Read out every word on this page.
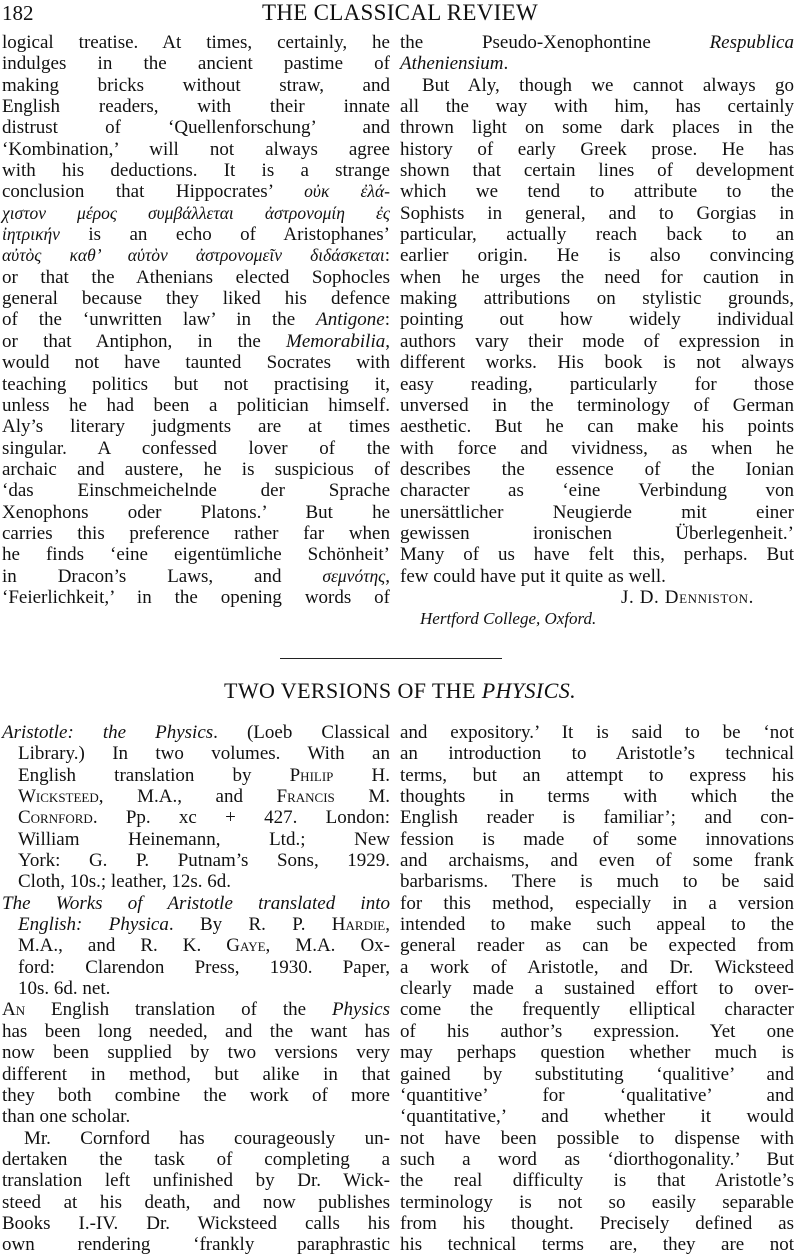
182	THE CLASSICAL REVIEW
logical treatise. At times, certainly, he
indulges in the ancient pastime of
making bricks without straw, and
English readers, with their innate
distrust of ‘Quellenforschung’ and
‘Kombination,’ will not always agree
with his deductions. It is a strange
conclusion that Hippocrates’ οὐκ ἐλά-
χιστον μέρος συμβάλλεται ἀστρονομίη ἐς
ἰητρικήν is an echo of Aristophanes’
αὐτὸς καθ’ αὑτὸν ἀστρονομεῖν διδάσκεται:
or that the Athenians elected Sophocles
general because they liked his defence
of the ‘unwritten law’ in the Antigone:
or that Antiphon, in the Memorabilia,
would not have taunted Socrates with
teaching politics but not practising it,
unless he had been a politician himself.
Aly’s literary judgments are at times
singular. A confessed lover of the
archaic and austere, he is suspicious of
‘das Einschmeichelnde der Sprache
Xenophons oder Platons.’ But he
carries this preference rather far when
he finds ‘eine eigentümliche Schönheit’
in Dracon’s Laws, and σεμνότης,
‘Feierlichkeit,’ in the opening words of
the Pseudo-Xenophontine Respublica
Atheniensium.
But Aly, though we cannot always go
all the way with him, has certainly
thrown light on some dark places in the
history of early Greek prose. He has
shown that certain lines of development
which we tend to attribute to the
Sophists in general, and to Gorgias in
particular, actually reach back to an
earlier origin. He is also convincing
when he urges the need for caution in
making attributions on stylistic grounds,
pointing out how widely individual
authors vary their mode of expression in
different works. His book is not always
easy reading, particularly for those
unversed in the terminology of German
aesthetic. But he can make his points
with force and vividness, as when he
describes the essence of the Ionian
character as ‘eine Verbindung von
unersättlicher Neugierde mit einer
gewissen ironischen Überlegenheit.’
Many of us have felt this, perhaps. But
few could have put it quite as well.
J. D. Denniston.
Hertford College, Oxford.
TWO VERSIONS OF THE PHYSICS.
Aristotle: the Physics. (Loeb Classical
Library.) In two volumes. With an
English translation by Philip H.
Wicksteed, M.A., and Francis M.
Cornford. Pp. xc + 427. London:
William Heinemann, Ltd.; New
York: G. P. Putnam’s Sons, 1929.
Cloth, 10s.; leather, 12s. 6d.
The Works of Aristotle translated into
English: Physica. By R. P. Hardie,
M.A., and R. K. Gaye, M.A. Ox-
ford: Clarendon Press, 1930. Paper,
10s. 6d. net.
An English translation of the Physics
has been long needed, and the want has
now been supplied by two versions very
different in method, but alike in that
they both combine the work of more
than one scholar.
Mr. Cornford has courageously un-
dertaken the task of completing a
translation left unfinished by Dr. Wick-
steed at his death, and now publishes
Books I.-IV. Dr. Wicksteed calls his
own rendering ‘frankly paraphrastic
and expository.’ It is said to be ‘not
an introduction to Aristotle’s technical
terms, but an attempt to express his
thoughts in terms with which the
English reader is familiar’; and con-
fession is made of some innovations
and archaisms, and even of some frank
barbarisms. There is much to be said
for this method, especially in a version
intended to make such appeal to the
general reader as can be expected from
a work of Aristotle, and Dr. Wicksteed
clearly made a sustained effort to over-
come the frequently elliptical character
of his author’s expression. Yet one
may perhaps question whether much is
gained by substituting ‘qualitive’ and
‘quantitive’ for ‘qualitative’ and
‘quantitative,’ and whether it would
not have been possible to dispense with
such a word as ‘diorthogonality.’ But
the real difficulty is that Aristotle’s
terminology is not so easily separable
from his thought. Precisely defined as
his technical terms are, they are not
